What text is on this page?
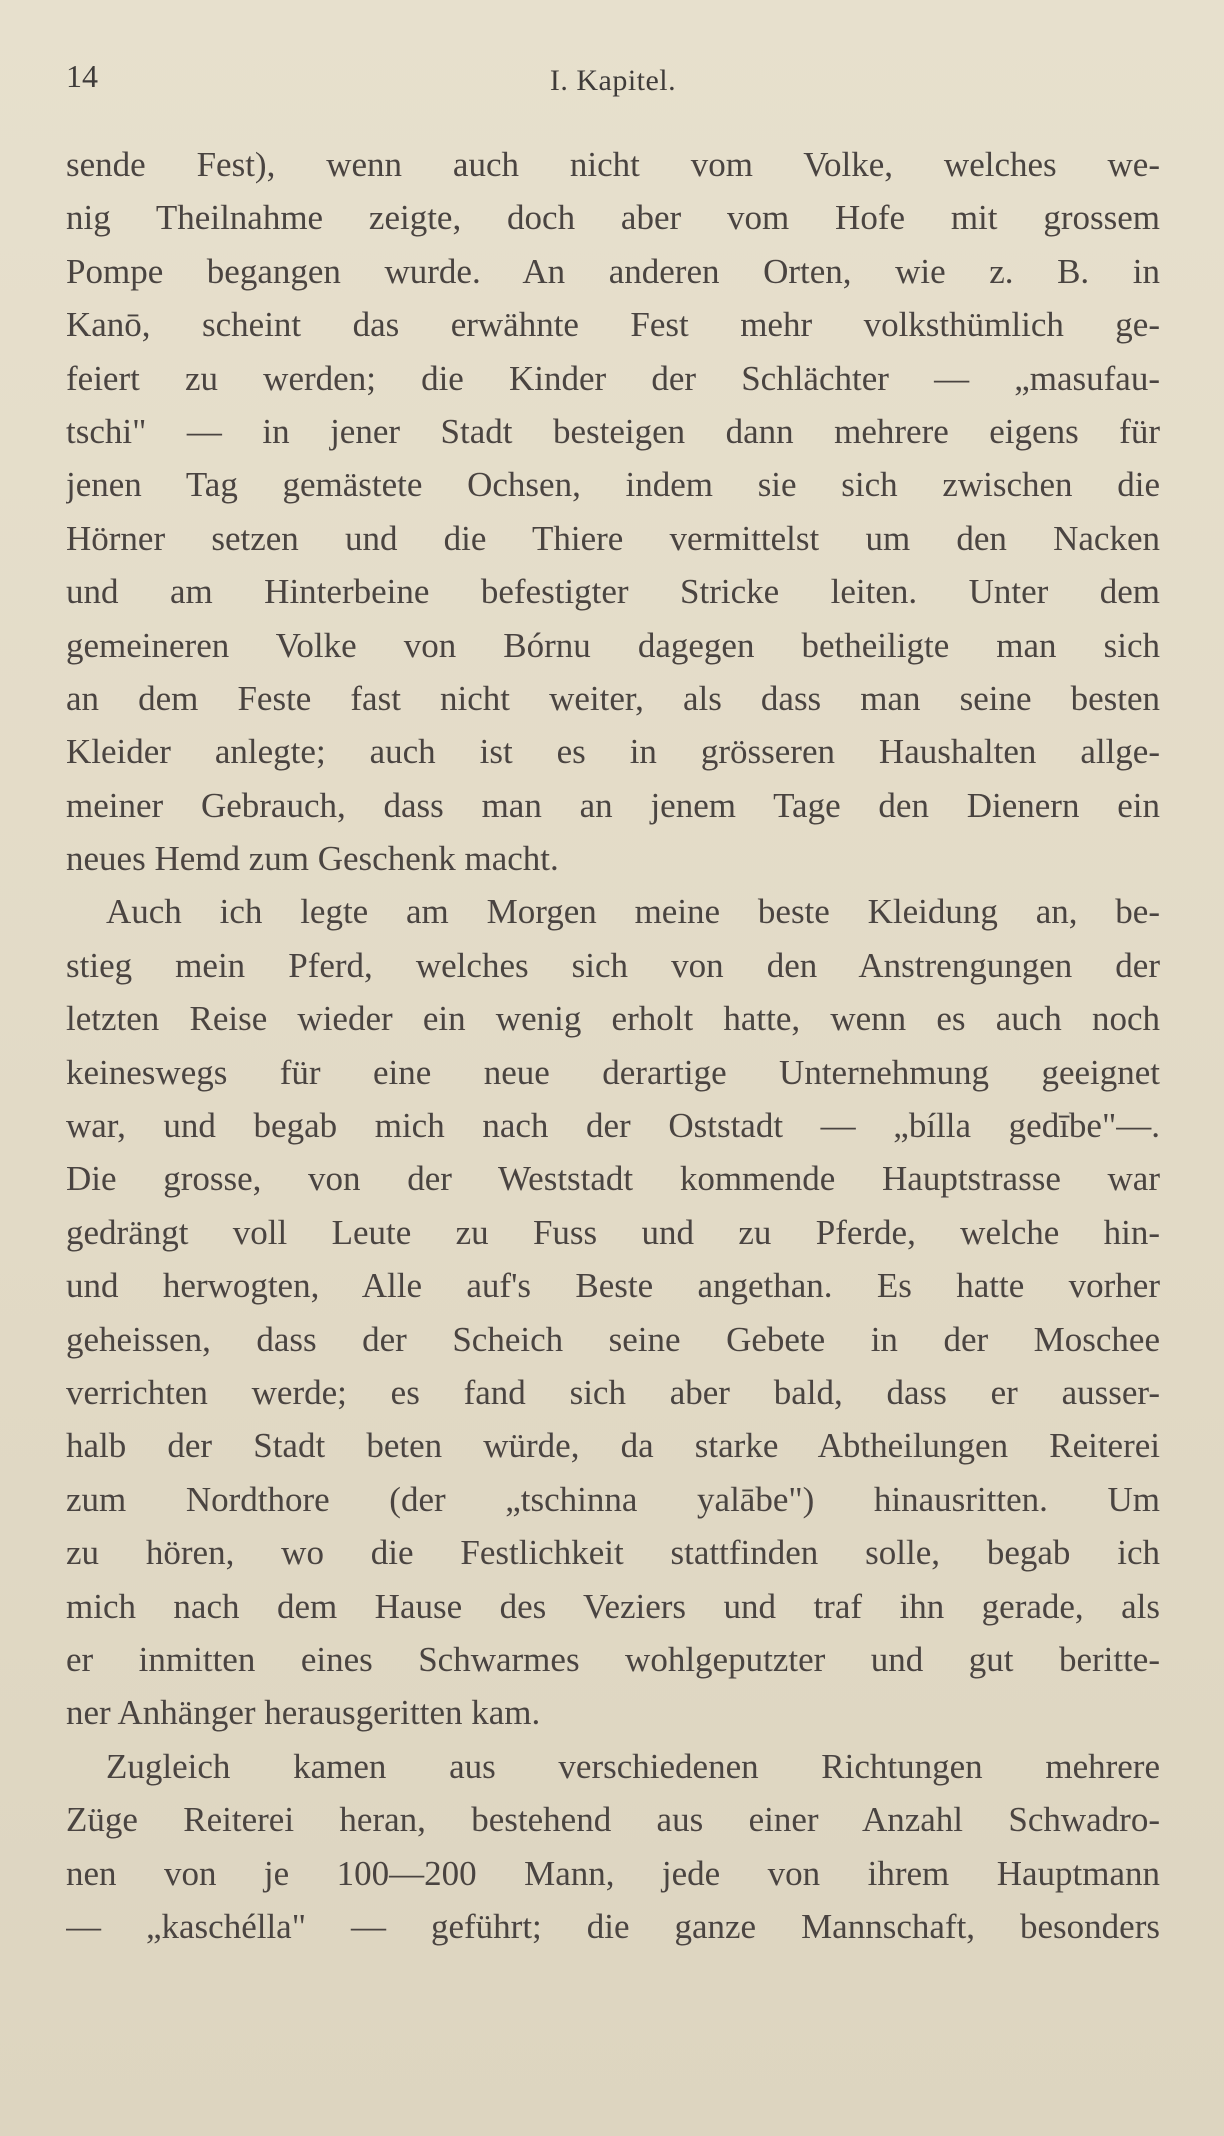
14	I. Kapitel.
sende Fest), wenn auch nicht vom Volke, welches we-
nig Theilnahme zeigte, doch aber vom Hofe mit grossem
Pompe begangen wurde. An anderen Orten, wie z. B. in
Kanō, scheint das erwähnte Fest mehr volksthümlich ge-
feiert zu werden; die Kinder der Schlächter — „masufau-
tschi" — in jener Stadt besteigen dann mehrere eigens für
jenen Tag gemästete Ochsen, indem sie sich zwischen die
Hörner setzen und die Thiere vermittelst um den Nacken
und am Hinterbeine befestigter Stricke leiten. Unter dem
gemeineren Volke von Bórnu dagegen betheiligte man sich
an dem Feste fast nicht weiter, als dass man seine besten
Kleider anlegte; auch ist es in grösseren Haushalten allge-
meiner Gebrauch, dass man an jenem Tage den Dienern ein
neues Hemd zum Geschenk macht.
Auch ich legte am Morgen meine beste Kleidung an, be-
stieg mein Pferd, welches sich von den Anstrengungen der
letzten Reise wieder ein wenig erholt hatte, wenn es auch noch
keineswegs für eine neue derartige Unternehmung geeignet
war, und begab mich nach der Oststadt — „bílla gedībe"—.
Die grosse, von der Weststadt kommende Hauptstrasse war
gedrängt voll Leute zu Fuss und zu Pferde, welche hin-
und herwogten, Alle auf's Beste angethan. Es hatte vorher
geheissen, dass der Scheich seine Gebete in der Moschee
verrichten werde; es fand sich aber bald, dass er ausser-
halb der Stadt beten würde, da starke Abtheilungen Reiterei
zum Nordthore (der „tschinna yalābe") hinausritten. Um
zu hören, wo die Festlichkeit stattfinden solle, begab ich
mich nach dem Hause des Veziers und traf ihn gerade, als
er inmitten eines Schwarmes wohlgeputzter und gut beritte-
ner Anhänger herausgeritten kam.
Zugleich kamen aus verschiedenen Richtungen mehrere
Züge Reiterei heran, bestehend aus einer Anzahl Schwadro-
nen von je 100—200 Mann, jede von ihrem Hauptmann
— „kaschélla" — geführt; die ganze Mannschaft, besonders
